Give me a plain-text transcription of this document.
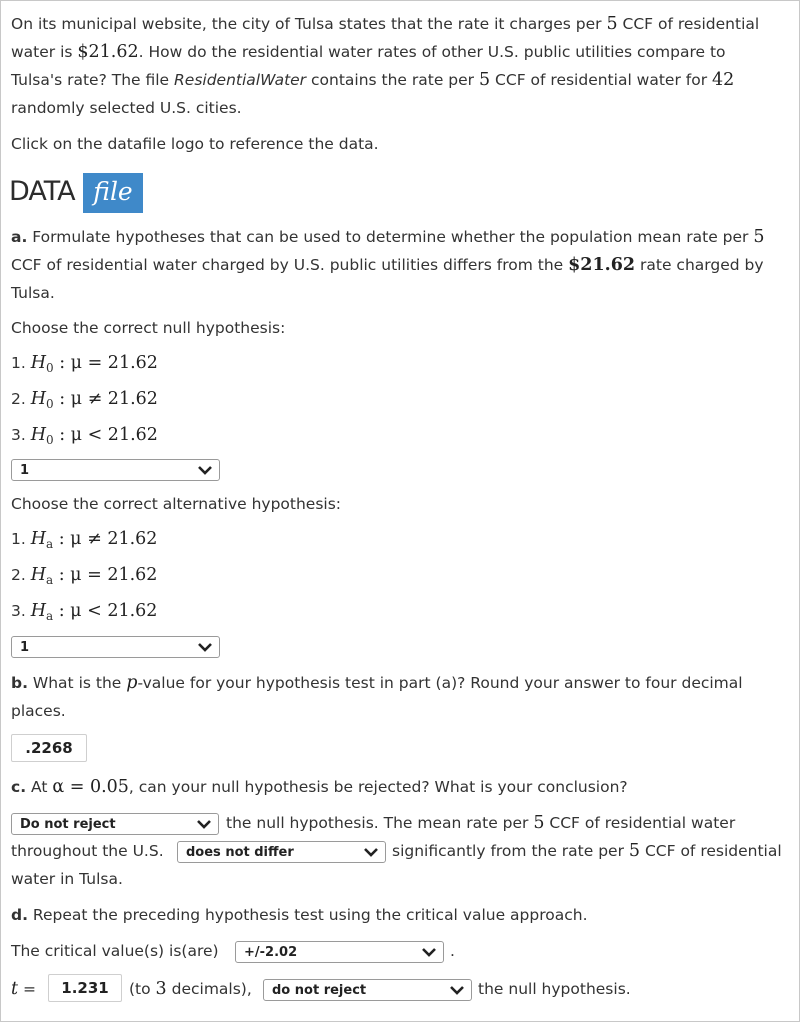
On its municipal website, the city of Tulsa states that the rate it charges per 5 CCF of residential
water is $21.62. How do the residential water rates of other U.S. public utilities compare to
Tulsa's rate? The file ResidentialWater contains the rate per 5 CCF of residential water for 42
randomly selected U.S. cities.
Click on the datafile logo to reference the data.
DATA file
a. Formulate hypotheses that can be used to determine whether the population mean rate per 5
CCF of residential water charged by U.S. public utilities differs from the $21.62 rate charged by
Tulsa.
Choose the correct null hypothesis:
1. $H_0$ : μ = 21.62
2. $H_0$ : μ ≠ 21.62
3. $H_0$ : μ < 21.62
1
Choose the correct alternative hypothesis:
1. $H_a$ : μ ≠ 21.62
2. $H_a$ : μ = 21.62
3. $H_a$ : μ < 21.62
1
b. What is the p-value for your hypothesis test in part (a)? Round your answer to four decimal
places.
.2268
c. At α = 0.05, can your null hypothesis be rejected? What is your conclusion?
Do not reject	the null hypothesis. The mean rate per 5 CCF of residential water
throughout the U.S. does not differ	significantly from the rate per 5 CCF of residential
water in Tulsa.
d. Repeat the preceding hypothesis test using the critical value approach.
The critical value(s) is(are) +/-2.02	.
t =	1.231	(to 3 decimals), do not reject	the null hypothesis.
